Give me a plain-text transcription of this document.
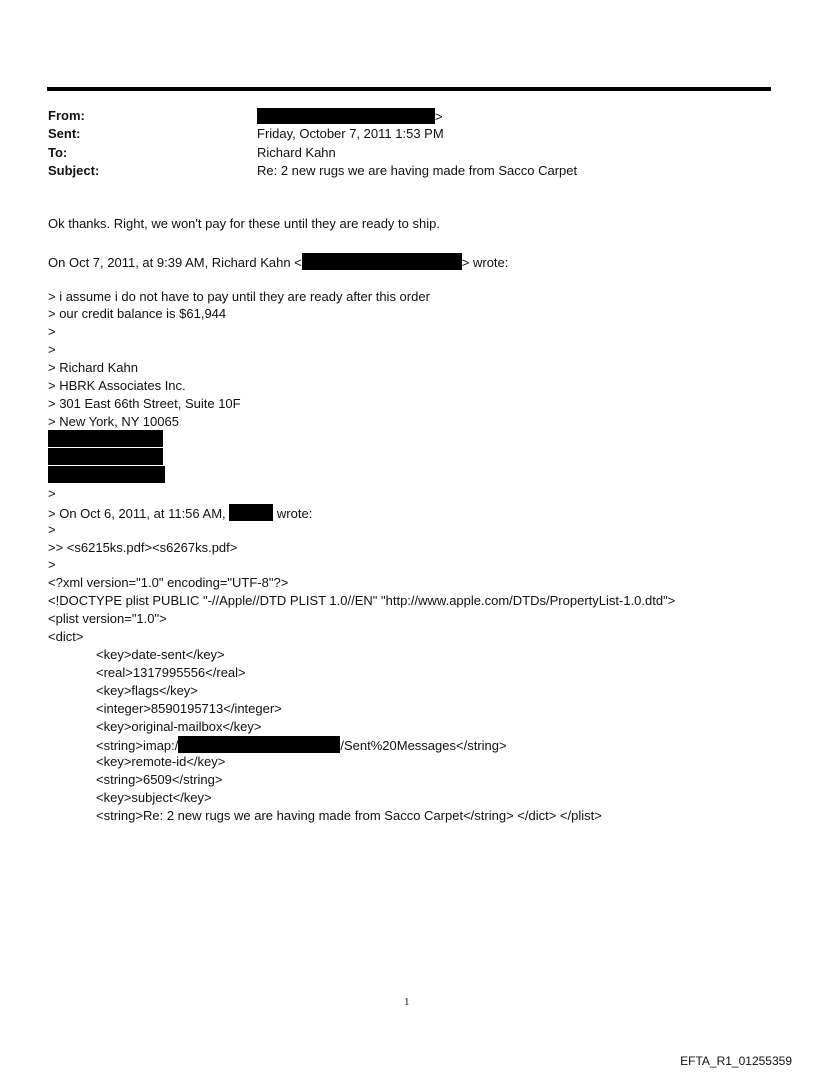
From:	>
Sent:	Friday, October 7, 2011 1:53 PM
To:	Richard Kahn
Subject:	Re: 2 new rugs we are having made from Sacco Carpet
Ok thanks. Right, we won't pay for these until they are ready to ship.
On Oct 7, 2011, at 9:39 AM, Richard Kahn <	> wrote:
> i assume i do not have to pay until they are ready after this order
> our credit balance is $61,944
>
>
> Richard Kahn
> HBRK Associates Inc.
> 301 East 66th Street, Suite 10F
> New York, NY 10065
>
> On Oct 6, 2011, at 11:56 AM,	wrote:
>
>> <s6215ks.pdf><s6267ks.pdf>
>
<?xml version="1.0" encoding="UTF-8"?>
<!DOCTYPE plist PUBLIC "-//Apple//DTD PLIST 1.0//EN" "http://www.apple.com/DTDs/PropertyList-1.0.dtd">
<plist version="1.0">
<dict>
<key>date-sent</key>
<real>1317995556</real>
<key>flags</key>
<integer>8590195713</integer>
<key>original-mailbox</key>
<string>imap:/	/Sent%20Messages</string>
<key>remote-id</key>
<string>6509</string>
<key>subject</key>
<string>Re: 2 new rugs we are having made from Sacco Carpet</string> </dict> </plist>
1
EFTA_R1_01255359
